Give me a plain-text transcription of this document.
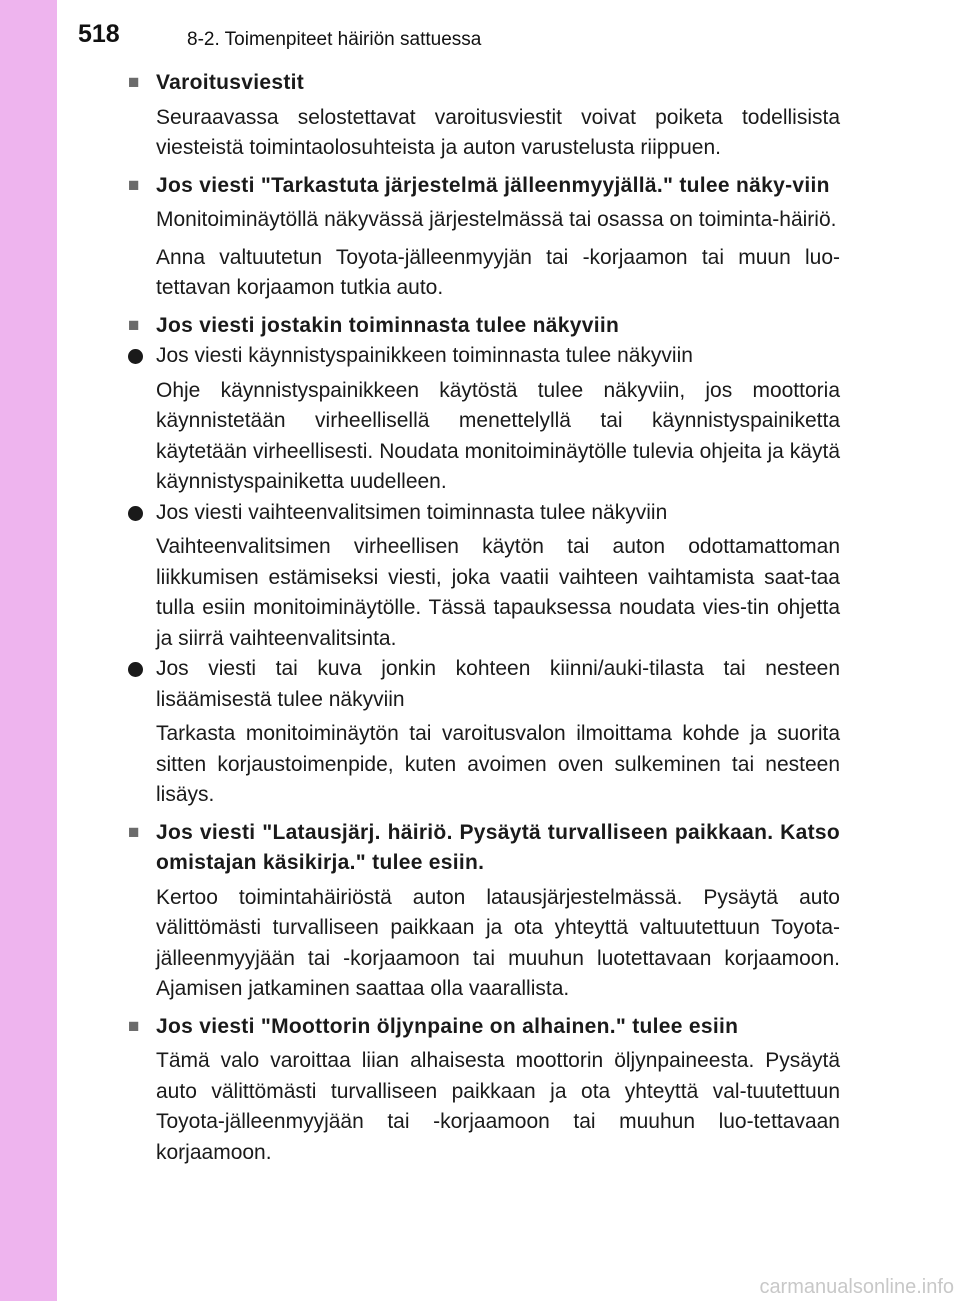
518	8-2. Toimenpiteet häiriön sattuessa
■ Varoitusviestit
Seuraavassa selostettavat varoitusviestit voivat poiketa todellisista viesteistä toimintaolosuhteista ja auton varustelusta riippuen.
■ Jos viesti "Tarkastuta järjestelmä jälleenmyyjällä." tulee näky-viin
Monitoiminäytöllä näkyvässä järjestelmässä tai osassa on toiminta-häiriö.
Anna valtuutetun Toyota-jälleenmyyjän tai -korjaamon tai muun luo-tettavan korjaamon tutkia auto.
■ Jos viesti jostakin toiminnasta tulee näkyviin
Jos viesti käynnistyspainikkeen toiminnasta tulee näkyviin
Ohje käynnistyspainikkeen käytöstä tulee näkyviin, jos moottoria käynnistetään virheellisellä menettelyllä tai käynnistyspainiketta käytetään virheellisesti. Noudata monitoiminäytölle tulevia ohjeita ja käytä käynnistyspainiketta uudelleen.
Jos viesti vaihteenvalitsimen toiminnasta tulee näkyviin
Vaihteenvalitsimen virheellisen käytön tai auton odottamattoman liikkumisen estämiseksi viesti, joka vaatii vaihteen vaihtamista saat-taa tulla esiin monitoiminäytölle. Tässä tapauksessa noudata vies-tin ohjetta ja siirrä vaihteenvalitsinta.
Jos viesti tai kuva jonkin kohteen kiinni/auki-tilasta tai nesteen lisäämisestä tulee näkyviin
Tarkasta monitoiminäytön tai varoitusvalon ilmoittama kohde ja suorita sitten korjaustoimenpide, kuten avoimen oven sulkeminen tai nesteen lisäys.
■ Jos viesti "Latausjärj. häiriö. Pysäytä turvalliseen paikkaan. Katso omistajan käsikirja." tulee esiin.
Kertoo toimintahäiriöstä auton latausjärjestelmässä. Pysäytä auto välittömästi turvalliseen paikkaan ja ota yhteyttä valtuutettuun Toyota-jälleenmyyjään tai -korjaamoon tai muuhun luotettavaan korjaamoon. Ajamisen jatkaminen saattaa olla vaarallista.
■ Jos viesti "Moottorin öljynpaine on alhainen." tulee esiin
Tämä valo varoittaa liian alhaisesta moottorin öljynpaineesta. Pysäytä auto välittömästi turvalliseen paikkaan ja ota yhteyttä val-tuutettuun Toyota-jälleenmyyjään tai -korjaamoon tai muuhun luo-tettavaan korjaamoon.
carmanualsonline.info
